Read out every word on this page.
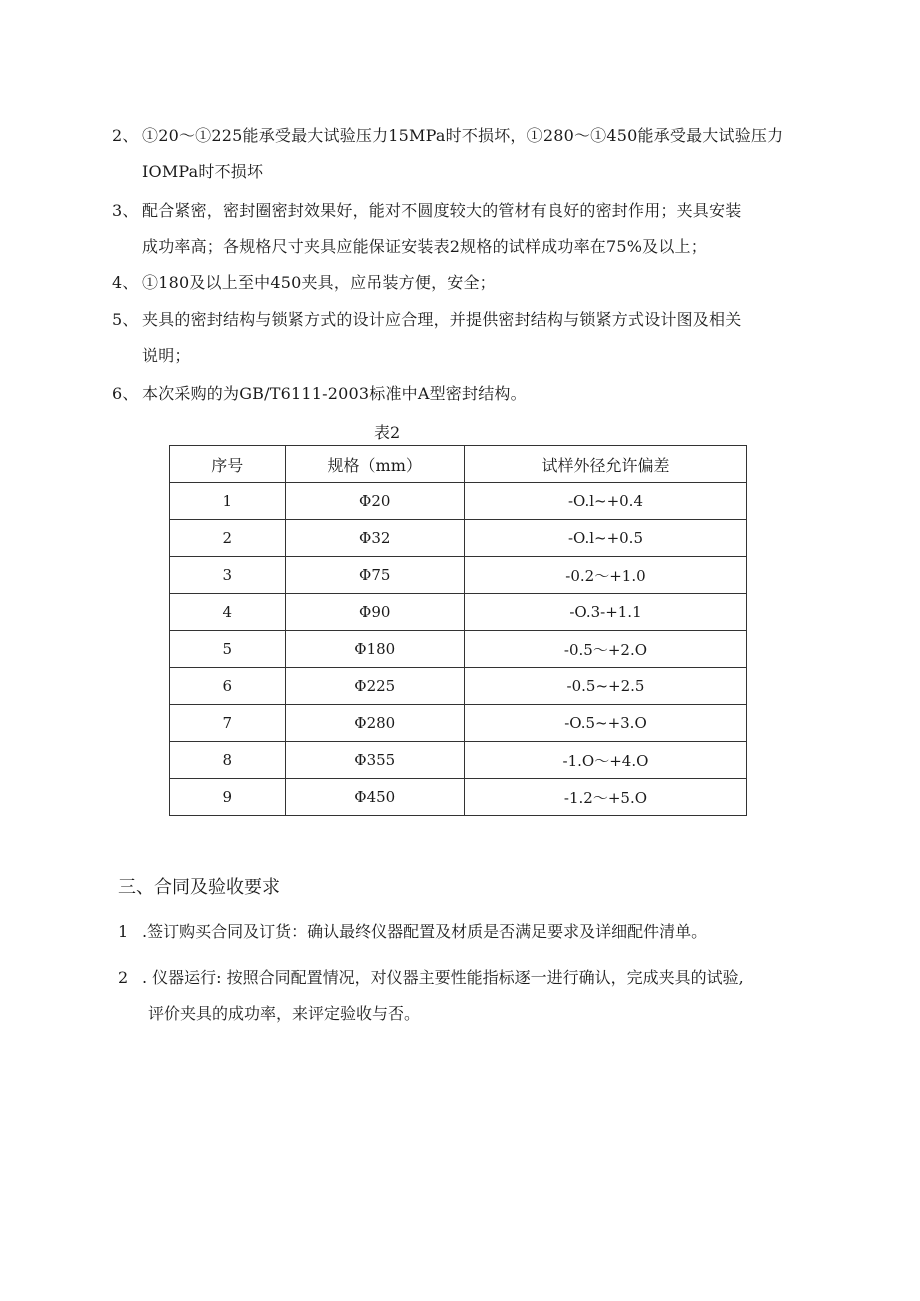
2、 ①20～①225能承受最大试验压力15MPa时不损坏，①280～①450能承受最大试验压力
IOMPa时不损坏
3、 配合紧密，密封圈密封效果好，能对不圆度较大的管材有良好的密封作用；夹具安装
成功率高；各规格尺寸夹具应能保证安装表2规格的试样成功率在75%及以上；
4、 ①180及以上至中450夹具，应吊装方便，安全；
5、 夹具的密封结构与锁紧方式的设计应合理，并提供密封结构与锁紧方式设计图及相关
说明；
6、 本次采购的为GB/T6111-2003标准中A型密封结构。
表2
序号	规格（mm）	试样外径允许偏差
1	Φ20	-O.l~+0.4
2	Φ32	-O.l~+0.5
3	Φ75	-0.2～+1.0
4	Φ90	-O.3-+1.1
5	Φ180	-0.5～+2.O
6	Φ225	-0.5~+2.5
7	Φ280	-O.5~+3.O
8	Φ355	-1.O～+4.O
9	Φ450	-1.2～+5.O
三、合同及验收要求
1 .签订购买合同及订货：确认最终仪器配置及材质是否满足要求及详细配件清单。
2 . 仪器运行: 按照合同配置情况，对仪器主要性能指标逐一进行确认，完成夹具的试验,
评价夹具的成功率，来评定验收与否。
